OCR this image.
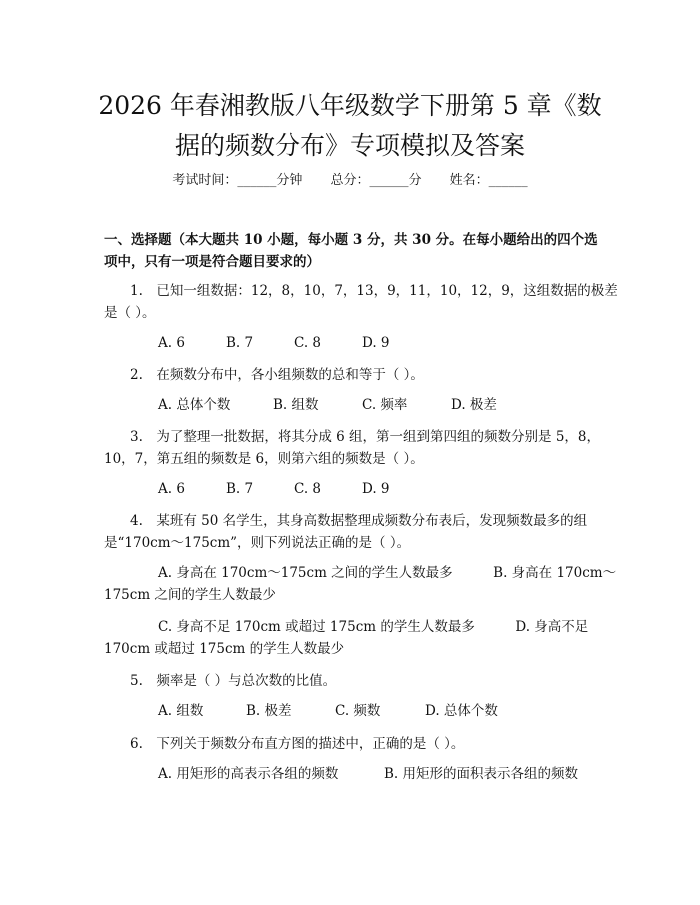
2026 年春湘教版八年级数学下册第 5 章《数
据的频数分布》专项模拟及答案
考试时间：______分钟 总分：______分 姓名：______
一、选择题（本大题共 10 小题，每小题 3 分，共 30 分。在每小题给出的四个选
项中，只有一项是符合题目要求的）
1.　已知一组数据：12，8，10，7，13，9，11，10，12，9，这组数据的极差
是（ ）。
A. 6	B. 7	C. 8	D. 9
2.　在频数分布中，各小组频数的总和等于（ ）。
A. 总体个数	B. 组数	C. 频率	D. 极差
3.　为了整理一批数据，将其分成 6 组，第一组到第四组的频数分别是 5，8，
10，7，第五组的频数是 6，则第六组的频数是（ ）。
A. 6	B. 7	C. 8	D. 9
4.　某班有 50 名学生，其身高数据整理成频数分布表后，发现频数最多的组
是“170cm～175cm”，则下列说法正确的是（ ）。
A. 身高在 170cm～175cm 之间的学生人数最多　　　B. 身高在 170cm～
175cm 之间的学生人数最少
C. 身高不足 170cm 或超过 175cm 的学生人数最多　　　D. 身高不足
170cm 或超过 175cm 的学生人数最少
5.　频率是（ ）与总次数的比值。
A. 组数	B. 极差	C. 频数	D. 总体个数
6.　下列关于频数分布直方图的描述中，正确的是（ ）。
A. 用矩形的高表示各组的频数	B. 用矩形的面积表示各组的频数
